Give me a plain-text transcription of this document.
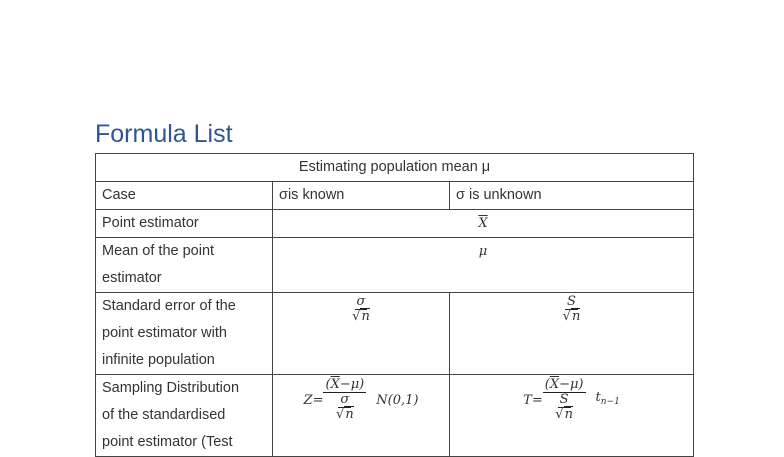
Formula List
Estimating population mean μ		
Case	σis known	σ is unknown
Point estimator	$\overline{X}$
Mean of the point
estimator	μ	
Standard error of the
point estimator with
infinite population	$\frac{\sigma}{√n}$	$\frac{S}{√n}$

Sampling Distribution
of the standardised
point estimator (Test	$Z= \frac{(\overline{X}-\mu)}{\frac{\sigma}{√n}} N(0,1)$	$T= \frac{(\overline{X}-\mu)}{\frac{S}{√n}} t_{n-1}$
